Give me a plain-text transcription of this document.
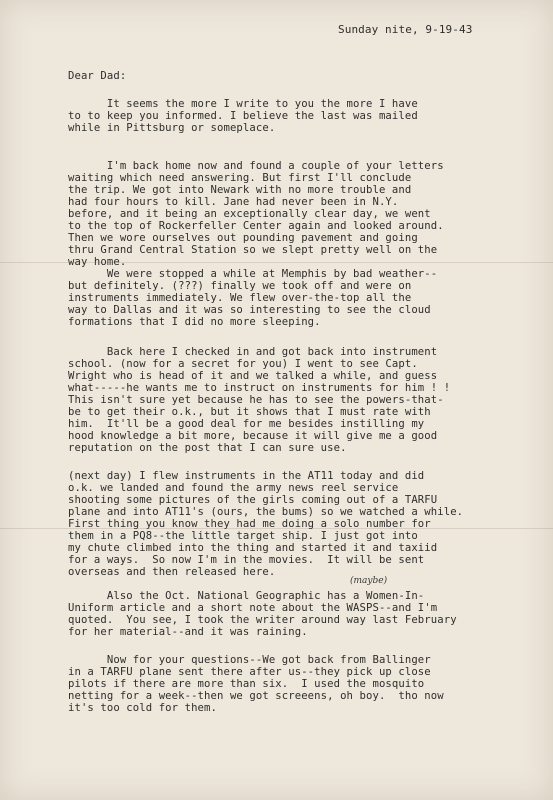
Sunday nite, 9-19-43
Dear Dad:
It seems the more I write to you the more I have
to to keep you informed. I believe the last was mailed
while in Pittsburg or someplace.
I'm back home now and found a couple of your letters
waiting which need answering. But first I'll conclude
the trip. We got into Newark with no more trouble and
had four hours to kill. Jane had never been in N.Y.
before, and it being an exceptionally clear day, we went
to the top of Rockerfeller Center again and looked around.
Then we wore ourselves out pounding pavement and going
thru Grand Central Station so we slept pretty well on the
way home.
We were stopped a while at Memphis by bad weather--
but definitely. (???) finally we took off and were on
instruments immediately. We flew over-the-top all the
way to Dallas and it was so interesting to see the cloud
formations that I did no more sleeping.
Back here I checked in and got back into instrument
school. (now for a secret for you) I went to see Capt.
Wright who is head of it and we talked a while, and guess
what-----he wants me to instruct on instruments for him ! !
This isn't sure yet because he has to see the powers-that-
be to get their o.k., but it shows that I must rate with
him.  It'll be a good deal for me besides instilling my
hood knowledge a bit more, because it will give me a good
reputation on the post that I can sure use.
(next day) I flew instruments in the AT11 today and did
o.k. we landed and found the army news reel service
shooting some pictures of the girls coming out of a TARFU
plane and into AT11's (ours, the bums) so we watched a while.
First thing you know they had me doing a solo number for
them in a PQ8--the little target ship. I just got into
my chute climbed into the thing and started it and taxiid
for a ways.  So now I'm in the movies.  It will be sent
overseas and then released here.
Also the Oct. National Geographic has a Women-In-
Uniform article and a short note about the WASPS--and I'm
quoted.  You see, I took the writer around way last February
for her material--and it was raining.
Now for your questions--We got back from Ballinger
in a TARFU plane sent there after us--they pick up close
pilots if there are more than six.  I used the mosquito
netting for a week--then we got screeens, oh boy.  tho now
it's too cold for them.
(maybe)
